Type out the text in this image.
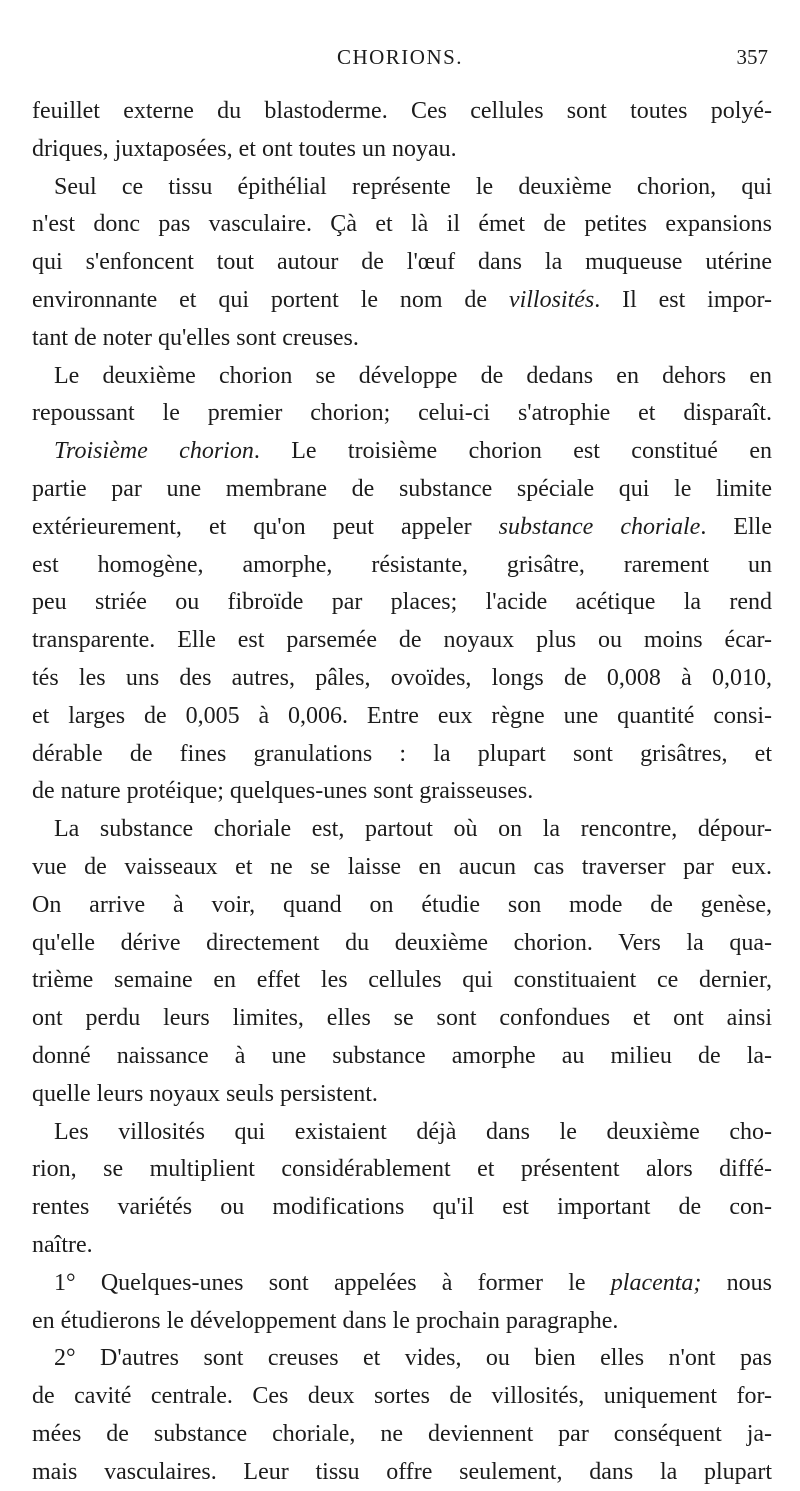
CHORIONS.	357
feuillet externe du blastoderme. Ces cellules sont toutes polyé-
driques, juxtaposées, et ont toutes un noyau.
Seul ce tissu épithélial représente le deuxième chorion, qui
n'est donc pas vasculaire. Çà et là il émet de petites expansions
qui s'enfoncent tout autour de l'œuf dans la muqueuse utérine
environnante et qui portent le nom de villosités. Il est impor-
tant de noter qu'elles sont creuses.
Le deuxième chorion se développe de dedans en dehors en
repoussant le premier chorion; celui-ci s'atrophie et disparaît.
Troisième chorion. Le troisième chorion est constitué en
partie par une membrane de substance spéciale qui le limite
extérieurement, et qu'on peut appeler substance choriale. Elle
est homogène, amorphe, résistante, grisâtre, rarement un
peu striée ou fibroïde par places; l'acide acétique la rend
transparente. Elle est parsemée de noyaux plus ou moins écar-
tés les uns des autres, pâles, ovoïdes, longs de 0,008 à 0,010,
et larges de 0,005 à 0,006. Entre eux règne une quantité consi-
dérable de fines granulations : la plupart sont grisâtres, et
de nature protéique; quelques-unes sont graisseuses.
La substance choriale est, partout où on la rencontre, dépour-
vue de vaisseaux et ne se laisse en aucun cas traverser par eux.
On arrive à voir, quand on étudie son mode de genèse,
qu'elle dérive directement du deuxième chorion. Vers la qua-
trième semaine en effet les cellules qui constituaient ce dernier,
ont perdu leurs limites, elles se sont confondues et ont ainsi
donné naissance à une substance amorphe au milieu de la-
quelle leurs noyaux seuls persistent.
Les villosités qui existaient déjà dans le deuxième cho-
rion, se multiplient considérablement et présentent alors diffé-
rentes variétés ou modifications qu'il est important de con-
naître.
1° Quelques-unes sont appelées à former le placenta; nous
en étudierons le développement dans le prochain paragraphe.
2° D'autres sont creuses et vides, ou bien elles n'ont pas
de cavité centrale. Ces deux sortes de villosités, uniquement for-
mées de substance choriale, ne deviennent par conséquent ja-
mais vasculaires. Leur tissu offre seulement, dans la plupart
